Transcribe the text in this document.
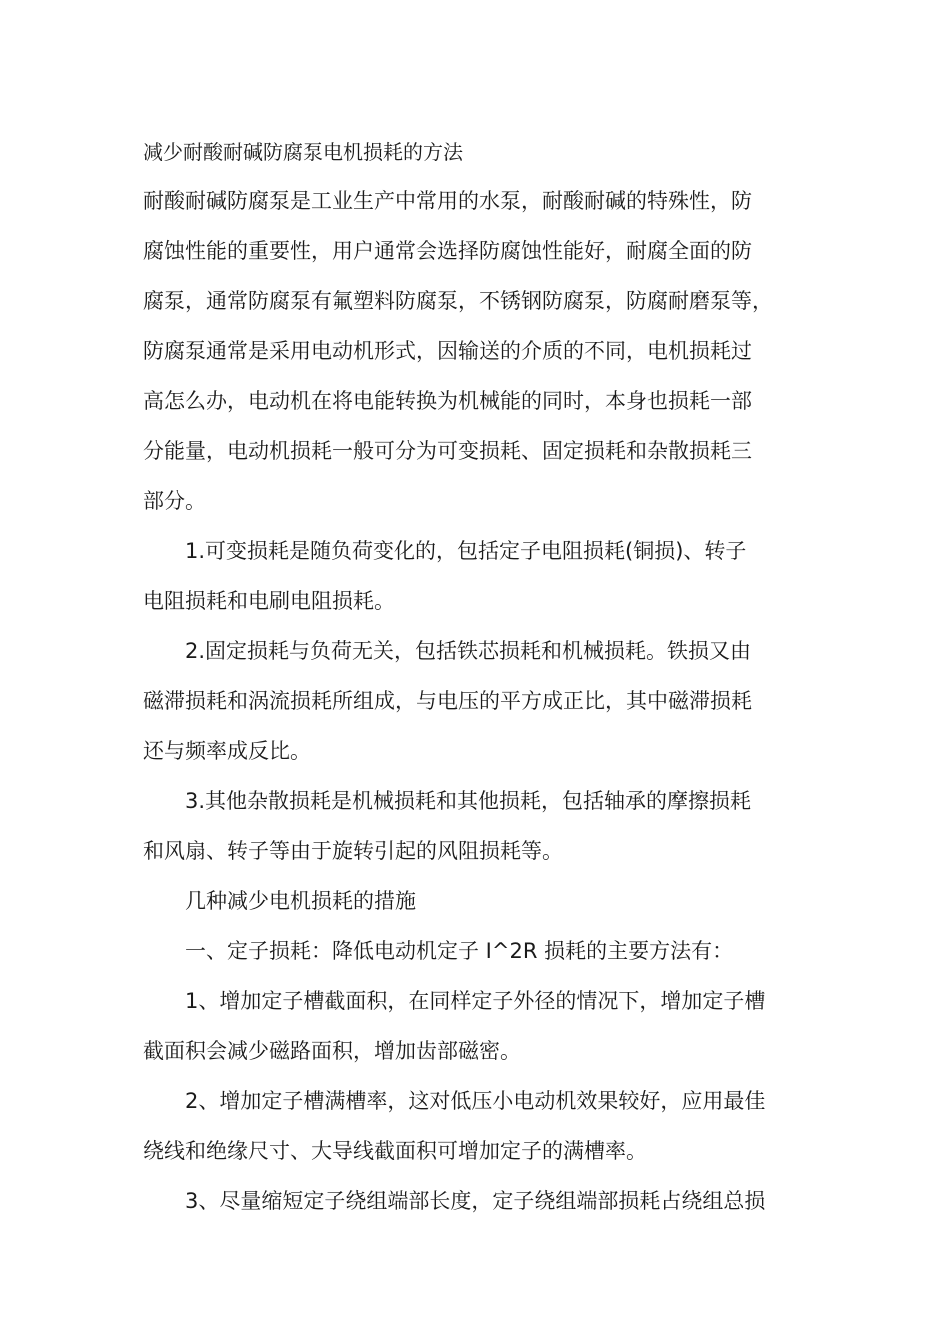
减少耐酸耐碱防腐泵电机损耗的方法
耐酸耐碱防腐泵是工业生产中常用的水泵，耐酸耐碱的特殊性，防
腐蚀性能的重要性，用户通常会选择防腐蚀性能好，耐腐全面的防
腐泵，通常防腐泵有氟塑料防腐泵，不锈钢防腐泵，防腐耐磨泵等，
防腐泵通常是采用电动机形式，因输送的介质的不同，电机损耗过
高怎么办，电动机在将电能转换为机械能的同时，本身也损耗一部
分能量，电动机损耗一般可分为可变损耗、固定损耗和杂散损耗三
部分。
　　1.可变损耗是随负荷变化的，包括定子电阻损耗(铜损)、转子
电阻损耗和电刷电阻损耗。
　　2.固定损耗与负荷无关，包括铁芯损耗和机械损耗。铁损又由
磁滞损耗和涡流损耗所组成，与电压的平方成正比，其中磁滞损耗
还与频率成反比。
　　3.其他杂散损耗是机械损耗和其他损耗，包括轴承的摩擦损耗
和风扇、转子等由于旋转引起的风阻损耗等。
　　几种减少电机损耗的措施
　　一、定子损耗：降低电动机定子 I^2R 损耗的主要方法有：
　　1、增加定子槽截面积，在同样定子外径的情况下，增加定子槽
截面积会减少磁路面积，增加齿部磁密。
　　2、增加定子槽满槽率，这对低压小电动机效果较好，应用最佳
绕线和绝缘尺寸、大导线截面积可增加定子的满槽率。
　　3、尽量缩短定子绕组端部长度，定子绕组端部损耗占绕组总损
